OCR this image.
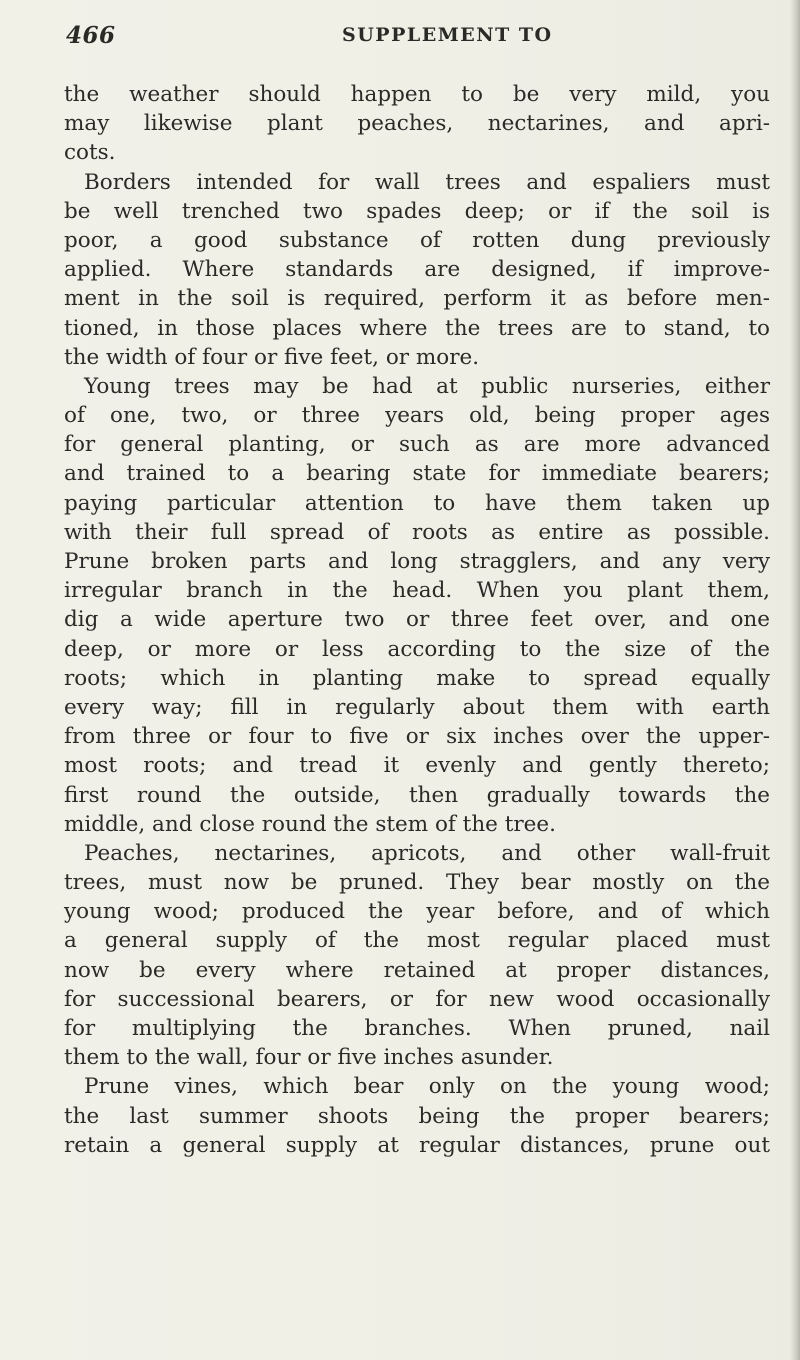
466	SUPPLEMENT TO
the weather should happen to be very mild, you
may likewise plant peaches, nectarines, and apri-
cots.
Borders intended for wall trees and espaliers must
be well trenched two spades deep; or if the soil is
poor, a good substance of rotten dung previously
applied. Where standards are designed, if improve-
ment in the soil is required, perform it as before men-
tioned, in those places where the trees are to stand, to
the width of four or five feet, or more.
Young trees may be had at public nurseries, either
of one, two, or three years old, being proper ages
for general planting, or such as are more advanced
and trained to a bearing state for immediate bearers;
paying particular attention to have them taken up
with their full spread of roots as entire as possible.
Prune broken parts and long stragglers, and any very
irregular branch in the head. When you plant them,
dig a wide aperture two or three feet over, and one
deep, or more or less according to the size of the
roots; which in planting make to spread equally
every way; fill in regularly about them with earth
from three or four to five or six inches over the upper-
most roots; and tread it evenly and gently thereto;
first round the outside, then gradually towards the
middle, and close round the stem of the tree.
Peaches, nectarines, apricots, and other wall-fruit
trees, must now be pruned. They bear mostly on the
young wood; produced the year before, and of which
a general supply of the most regular placed must
now be every where retained at proper distances,
for successional bearers, or for new wood occasionally
for multiplying the branches. When pruned, nail
them to the wall, four or five inches asunder.
Prune vines, which bear only on the young wood;
the last summer shoots being the proper bearers;
retain a general supply at regular distances, prune out
